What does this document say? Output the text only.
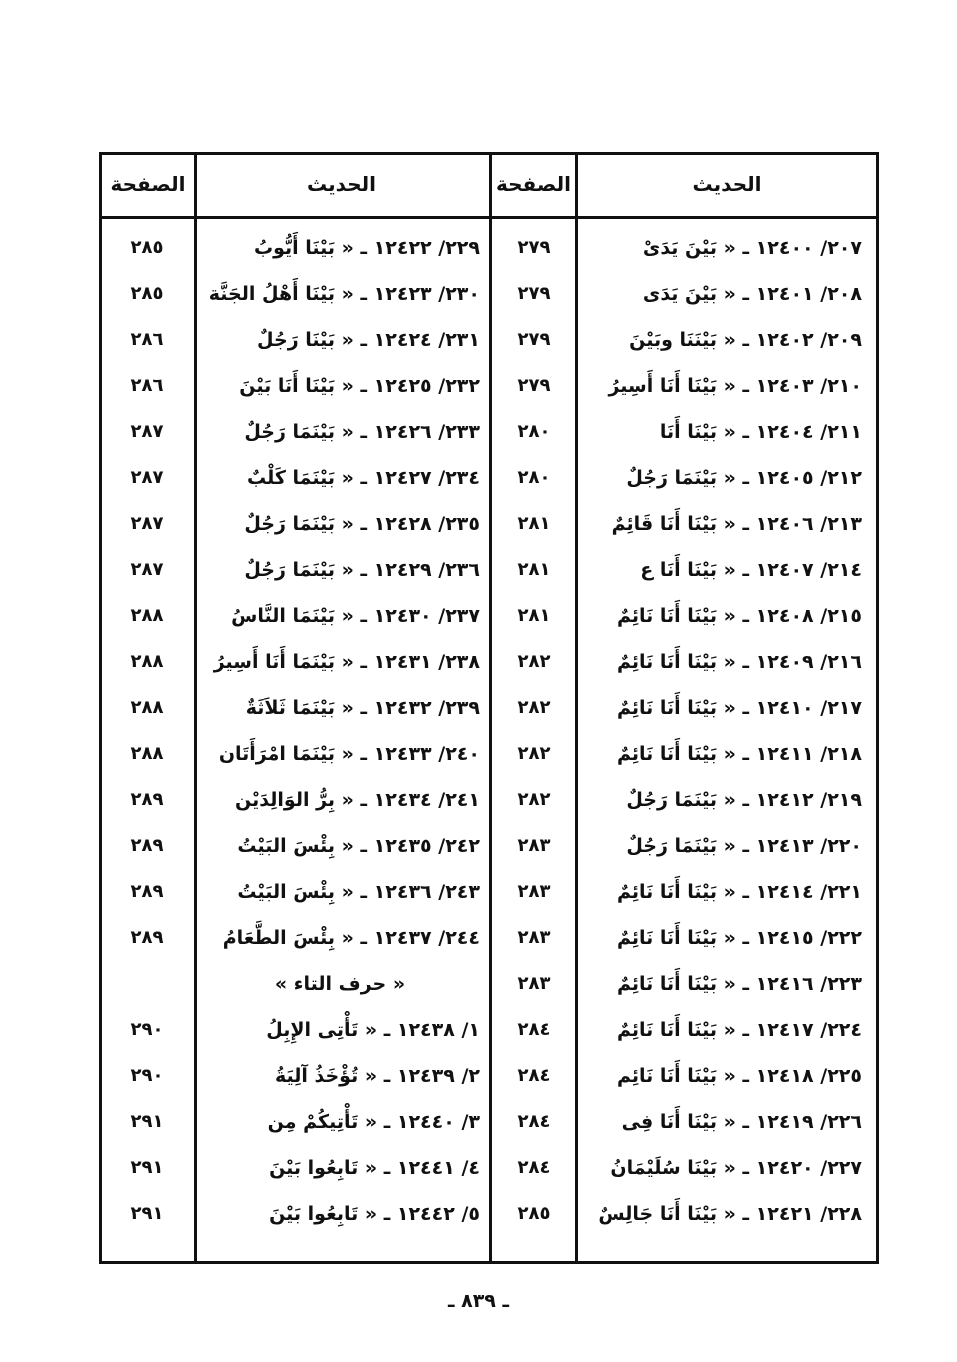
الحديث
الصفحة
الحديث
الصفحة
٢٠٧/ ١٢٤٠٠ ـ « بَيْنَ يَدَىْ
٢٧٩
٢٢٩/ ١٢٤٢٢ ـ « بَيْنَا أَيُّوبُ
٢٨٥
٢٠٨/ ١٢٤٠١ ـ « بَيْنَ يَدَى
٢٧٩
٢٣٠/ ١٢٤٢٣ ـ « بَيْنَا أَهْلُ الجَنَّة
٢٨٥
٢٠٩/ ١٢٤٠٢ ـ « بَيْنَنَا وبَيْنَ
٢٧٩
٢٣١/ ١٢٤٢٤ ـ « بَيْنَا رَجُلٌ
٢٨٦
٢١٠/ ١٢٤٠٣ ـ « بَيْنَا أَنَا أَسِيرُ
٢٧٩
٢٣٢/ ١٢٤٢٥ ـ « بَيْنَا أَنَا بَيْنَ
٢٨٦
٢١١/ ١٢٤٠٤ ـ « بَيْنَا أَنَا
٢٨٠
٢٣٣/ ١٢٤٢٦ ـ « بَيْنَمَا رَجُلٌ
٢٨٧
٢١٢/ ١٢٤٠٥ ـ « بَيْنَمَا رَجُلٌ
٢٨٠
٢٣٤/ ١٢٤٢٧ ـ « بَيْنَمَا كَلْبٌ
٢٨٧
٢١٣/ ١٢٤٠٦ ـ « بَيْنَا أَنَا قَائِمٌ
٢٨١
٢٣٥/ ١٢٤٢٨ ـ « بَيْنَمَا رَجُلٌ
٢٨٧
٢١٤/ ١٢٤٠٧ ـ « بَيْنَا أَنَا ع
٢٨١
٢٣٦/ ١٢٤٢٩ ـ « بَيْنَمَا رَجُلٌ
٢٨٧
٢١٥/ ١٢٤٠٨ ـ « بَيْنَا أَنَا نَائِمٌ
٢٨١
٢٣٧/ ١٢٤٣٠ ـ « بَيْنَمَا النَّاسُ
٢٨٨
٢١٦/ ١٢٤٠٩ ـ « بَيْنَا أَنَا نَائِمٌ
٢٨٢
٢٣٨/ ١٢٤٣١ ـ « بَيْنَمَا أَنَا أَسِيرُ
٢٨٨
٢١٧/ ١٢٤١٠ ـ « بَيْنَا أَنَا نَائِمٌ
٢٨٢
٢٣٩/ ١٢٤٣٢ ـ « بَيْنَمَا ثَلاَثَةٌ
٢٨٨
٢١٨/ ١٢٤١١ ـ « بَيْنَا أَنَا نَائِمٌ
٢٨٢
٢٤٠/ ١٢٤٣٣ ـ « بَيْنَمَا امْرَأَتَان
٢٨٨
٢١٩/ ١٢٤١٢ ـ « بَيْنَمَا رَجُلٌ
٢٨٢
٢٤١/ ١٢٤٣٤ ـ « بِرُّ الوَالِدَيْن
٢٨٩
٢٢٠/ ١٢٤١٣ ـ « بَيْنَمَا رَجُلٌ
٢٨٣
٢٤٢/ ١٢٤٣٥ ـ « بِئْسَ البَيْتُ
٢٨٩
٢٢١/ ١٢٤١٤ ـ « بَيْنَا أَنَا نَائِمٌ
٢٨٣
٢٤٣/ ١٢٤٣٦ ـ « بِئْسَ البَيْتُ
٢٨٩
٢٢٢/ ١٢٤١٥ ـ « بَيْنَا أَنَا نَائِمٌ
٢٨٣
٢٤٤/ ١٢٤٣٧ ـ « بِئْسَ الطَّعَامُ
٢٨٩
٢٢٣/ ١٢٤١٦ ـ « بَيْنَا أَنَا نَائِمٌ
٢٨٣
« حرف التاء »
٢٢٤/ ١٢٤١٧ ـ « بَيْنَا أَنَا نَائِمٌ
٢٨٤
١/ ١٢٤٣٨ ـ « تَأْتِى الإِبِلُ
٢٩٠
٢٢٥/ ١٢٤١٨ ـ « بَيْنَا أَنَا نَائِم
٢٨٤
٢/ ١٢٤٣٩ ـ « تُؤْخَذُ آلِيَةُ
٢٩٠
٢٢٦/ ١٢٤١٩ ـ « بَيْنَا أَنَا فِى
٢٨٤
٣/ ١٢٤٤٠ ـ « تَأْتِيكُمْ مِن
٢٩١
٢٢٧/ ١٢٤٢٠ ـ « بَيْنَا سُلَيْمَانُ
٢٨٤
٤/ ١٢٤٤١ ـ « تَابِعُوا بَيْنَ
٢٩١
٢٢٨/ ١٢٤٢١ ـ « بَيْنَا أَنَا جَالِسٌ
٢٨٥
٥/ ١٢٤٤٢ ـ « تَابِعُوا بَيْنَ
٢٩١
ـ ٨٣٩ ـ
